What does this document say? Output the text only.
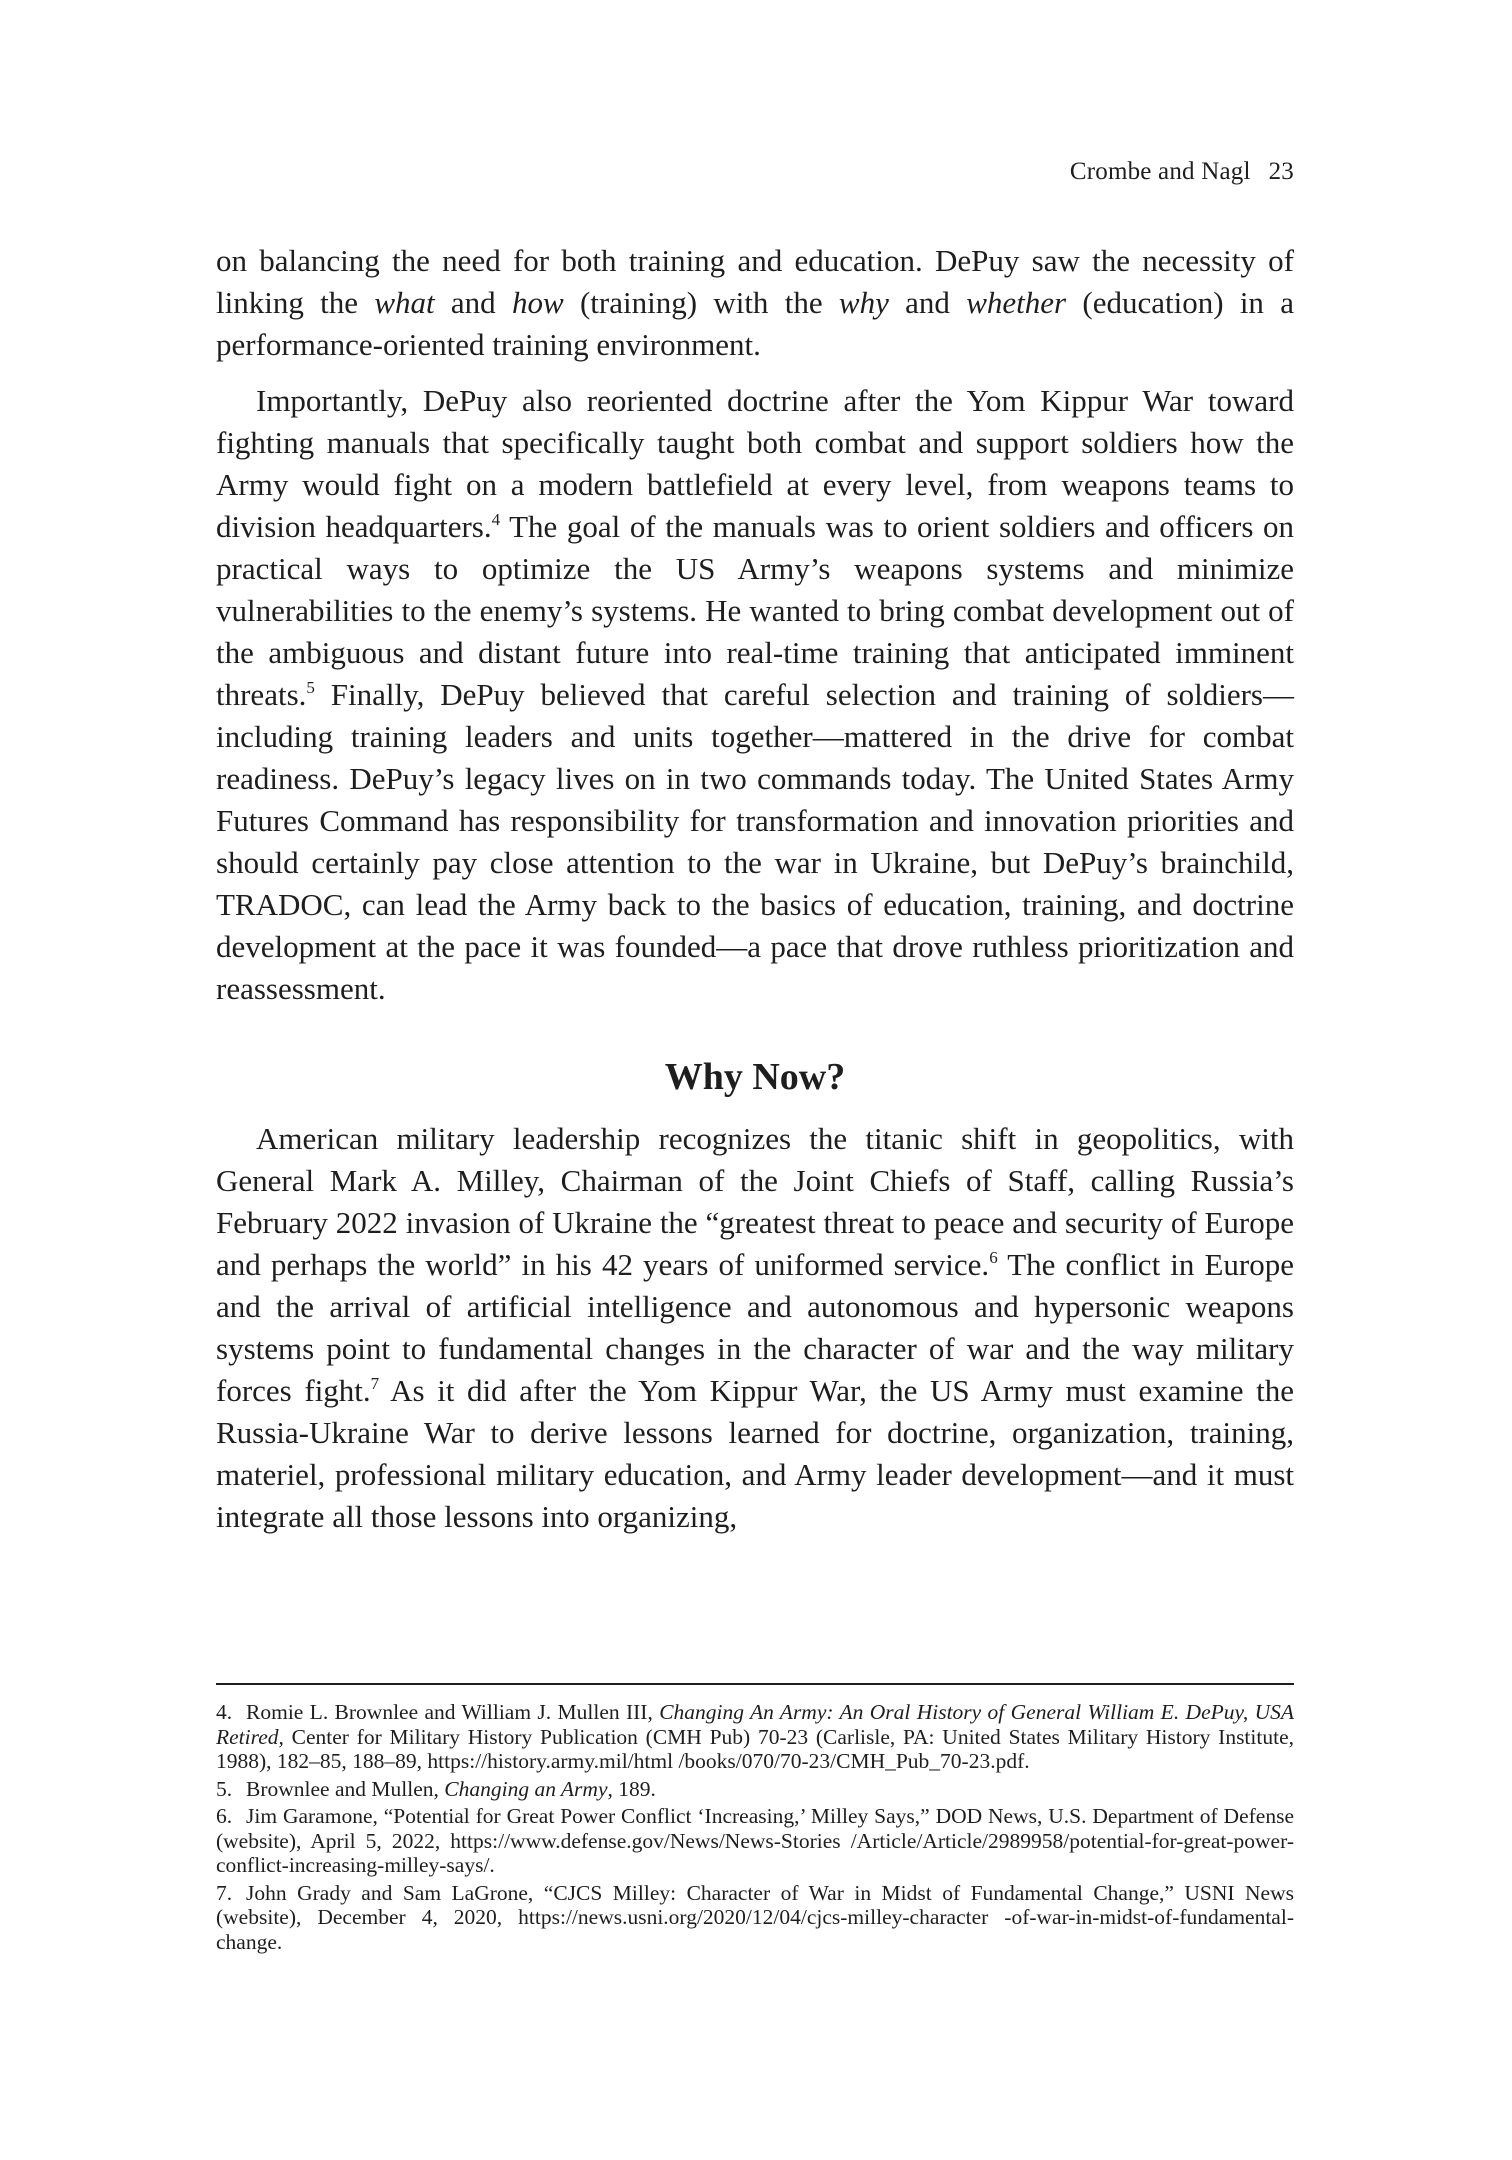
Crombe and Nagl 23

on balancing the need for both training and education. DePuy saw the necessity of linking the what and how (training) with the why and whether (education) in a performance-oriented training environment.

Importantly, DePuy also reoriented doctrine after the Yom Kippur War toward fighting manuals that specifically taught both combat and support soldiers how the Army would fight on a modern battlefield at every level, from weapons teams to division headquarters.$^4$ The goal of the manuals was to orient soldiers and officers on practical ways to optimize the US Army’s weapons systems and minimize vulnerabilities to the enemy’s systems. He wanted to bring combat development out of the ambiguous and distant future into real-time training that anticipated imminent threats.$^5$ Finally, DePuy believed that careful selection and training of soldiers—including training leaders and units together—mattered in the drive for combat readiness. DePuy’s legacy lives on in two commands today. The United States Army Futures Command has responsibility for transformation and innovation priorities and should certainly pay close attention to the war in Ukraine, but DePuy’s brainchild, TRADOC, can lead the Army back to the basics of education, training, and doctrine development at the pace it was founded—a pace that drove ruthless prioritization and reassessment.

Why Now?

American military leadership recognizes the titanic shift in geopolitics, with General Mark A. Milley, Chairman of the Joint Chiefs of Staff, calling Russia’s February 2022 invasion of Ukraine the “greatest threat to peace and security of Europe and perhaps the world” in his 42 years of uniformed service.$^6$ The conflict in Europe and the arrival of artificial intelligence and autonomous and hypersonic weapons systems point to fundamental changes in the character of war and the way military forces fight.$^7$ As it did after the Yom Kippur War, the US Army must examine the Russia-Ukraine War to derive lessons learned for doctrine, organization, training, materiel, professional military education, and Army leader development—and it must integrate all those lessons into organizing,

4. Romie L. Brownlee and William J. Mullen III, Changing An Army: An Oral History of General William E. DePuy, USA Retired, Center for Military History Publication (CMH Pub) 70-23 (Carlisle, PA: United States Military History Institute, 1988), 182–85, 188–89, https://history.army.mil/html /books/070/70-23/CMH_Pub_70-23.pdf.

5. Brownlee and Mullen, Changing an Army, 189.

6. Jim Garamone, “Potential for Great Power Conflict ‘Increasing,’ Milley Says,” DOD News, U.S. Department of Defense (website), April 5, 2022, https://www.defense.gov/News/News-Stories /Article/Article/2989958/potential-for-great-power-conflict-increasing-milley-says/.

7. John Grady and Sam LaGrone, “CJCS Milley: Character of War in Midst of Fundamental Change,” USNI News (website), December 4, 2020, https://news.usni.org/2020/12/04/cjcs-milley-character -of-war-in-midst-of-fundamental-change.
